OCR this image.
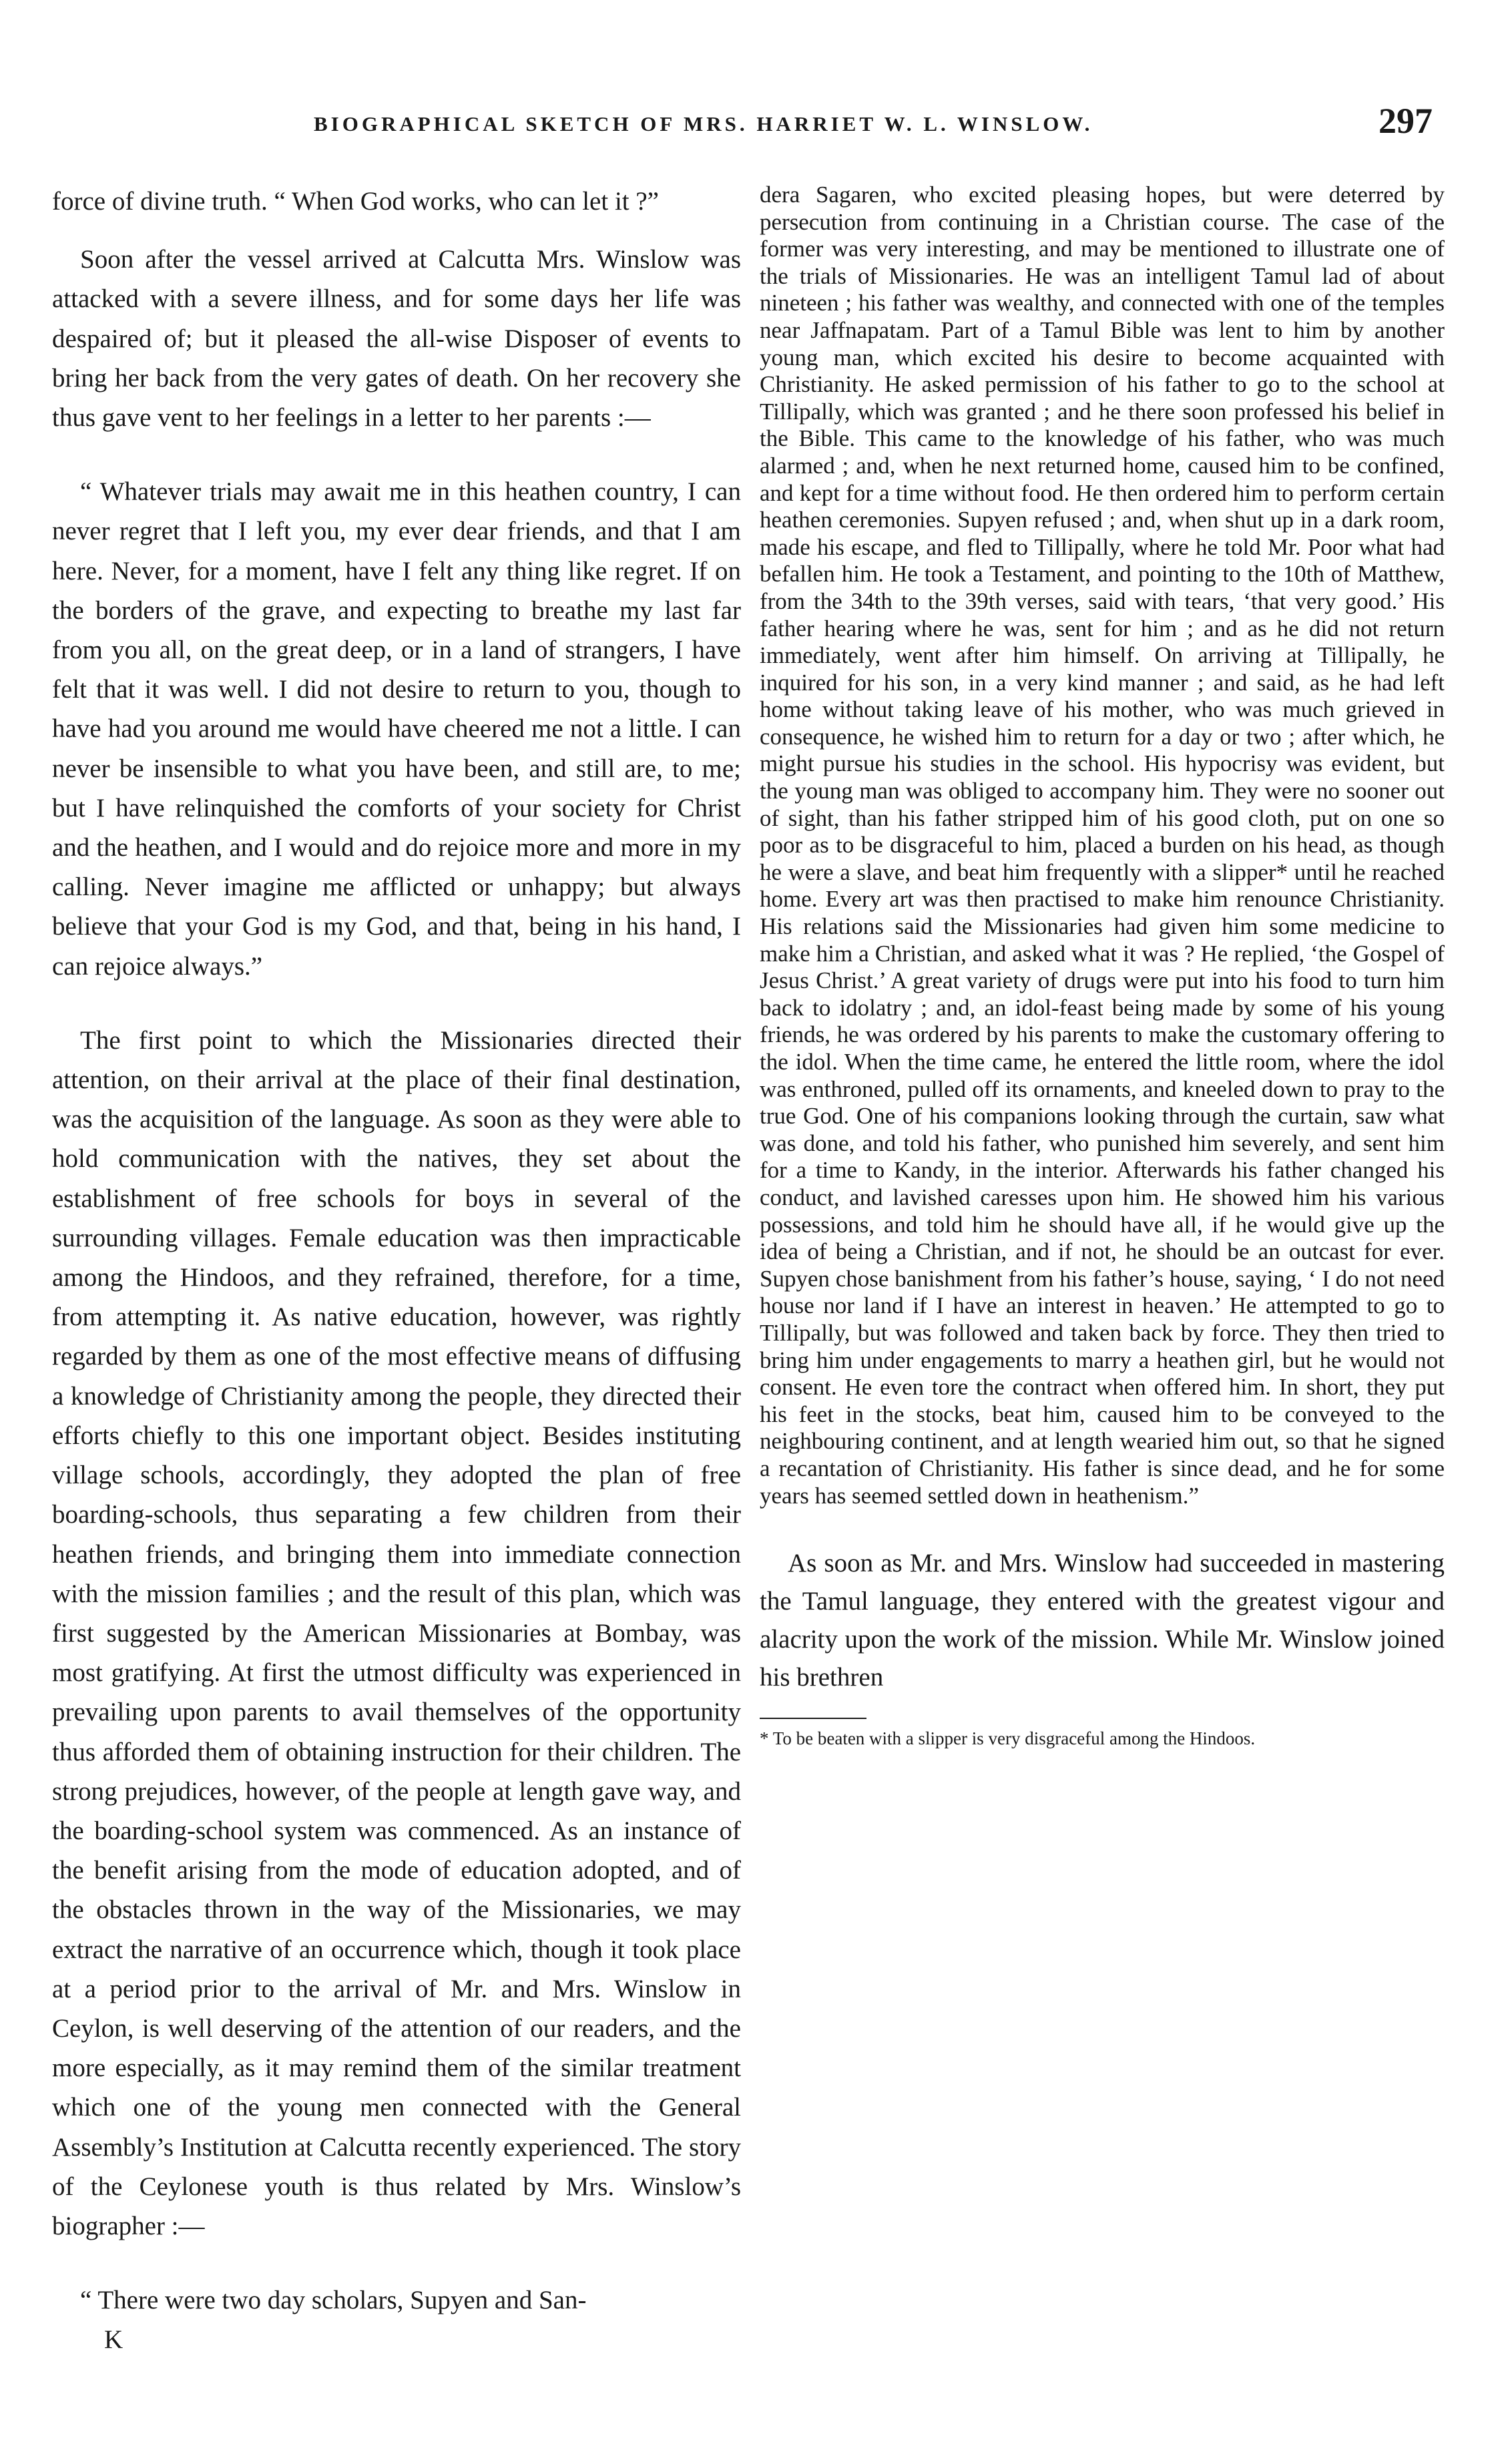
BIOGRAPHICAL SKETCH OF MRS. HARRIET W. L. WINSLOW.	297

force of divine truth. “ When God works, who can let it ?”

Soon after the vessel arrived at Calcutta Mrs. Winslow was attacked with a severe illness, and for some days her life was despaired of; but it pleased the all-wise Disposer of events to bring her back from the very gates of death. On her recovery she thus gave vent to her feelings in a letter to her parents :—

“ Whatever trials may await me in this heathen country, I can never regret that I left you, my ever dear friends, and that I am here. Never, for a moment, have I felt any thing like regret. If on the borders of the grave, and expecting to breathe my last far from you all, on the great deep, or in a land of strangers, I have felt that it was well. I did not desire to return to you, though to have had you around me would have cheered me not a little. I can never be insensible to what you have been, and still are, to me; but I have relinquished the comforts of your society for Christ and the heathen, and I would and do rejoice more and more in my calling. Never imagine me afflicted or unhappy; but always believe that your God is my God, and that, being in his hand, I can rejoice always.”

The first point to which the Missionaries directed their attention, on their arrival at the place of their final destination, was the acquisition of the language. As soon as they were able to hold communication with the natives, they set about the establishment of free schools for boys in several of the surrounding villages. Female education was then impracticable among the Hindoos, and they refrained, therefore, for a time, from attempting it. As native education, however, was rightly regarded by them as one of the most effective means of diffusing a knowledge of Christianity among the people, they directed their efforts chiefly to this one important object. Besides instituting village schools, accordingly, they adopted the plan of free boarding-schools, thus separating a few children from their heathen friends, and bringing them into immediate connection with the mission families ; and the result of this plan, which was first suggested by the American Missionaries at Bombay, was most gratifying. At first the utmost difficulty was experienced in prevailing upon parents to avail themselves of the opportunity thus afforded them of obtaining instruction for their children. The strong prejudices, however, of the people at length gave way, and the boarding-school system was commenced. As an instance of the benefit arising from the mode of education adopted, and of the obstacles thrown in the way of the Missionaries, we may extract the narrative of an occurrence which, though it took place at a period prior to the arrival of Mr. and Mrs. Winslow in Ceylon, is well deserving of the attention of our readers, and the more especially, as it may remind them of the similar treatment which one of the young men connected with the General Assembly’s Institution at Calcutta recently experienced. The story of the Ceylonese youth is thus related by Mrs. Winslow’s biographer :—

“ There were two day scholars, Supyen and San-

K

dera Sagaren, who excited pleasing hopes, but were deterred by persecution from continuing in a Christian course. The case of the former was very interesting, and may be mentioned to illustrate one of the trials of Missionaries. He was an intelligent Tamul lad of about nineteen ; his father was wealthy, and connected with one of the temples near Jaffnapatam. Part of a Tamul Bible was lent to him by another young man, which excited his desire to become acquainted with Christianity. He asked permission of his father to go to the school at Tillipally, which was granted ; and he there soon professed his belief in the Bible. This came to the knowledge of his father, who was much alarmed ; and, when he next returned home, caused him to be confined, and kept for a time without food. He then ordered him to perform certain heathen ceremonies. Supyen refused ; and, when shut up in a dark room, made his escape, and fled to Tillipally, where he told Mr. Poor what had befallen him. He took a Testament, and pointing to the 10th of Matthew, from the 34th to the 39th verses, said with tears, ‘that very good.’ His father hearing where he was, sent for him ; and as he did not return immediately, went after him himself. On arriving at Tillipally, he inquired for his son, in a very kind manner ; and said, as he had left home without taking leave of his mother, who was much grieved in consequence, he wished him to return for a day or two ; after which, he might pursue his studies in the school. His hypocrisy was evident, but the young man was obliged to accompany him. They were no sooner out of sight, than his father stripped him of his good cloth, put on one so poor as to be disgraceful to him, placed a burden on his head, as though he were a slave, and beat him frequently with a slipper* until he reached home. Every art was then practised to make him renounce Christianity. His relations said the Missionaries had given him some medicine to make him a Christian, and asked what it was ? He replied, ‘the Gospel of Jesus Christ.’ A great variety of drugs were put into his food to turn him back to idolatry ; and, an idol-feast being made by some of his young friends, he was ordered by his parents to make the customary offering to the idol. When the time came, he entered the little room, where the idol was enthroned, pulled off its ornaments, and kneeled down to pray to the true God. One of his companions looking through the curtain, saw what was done, and told his father, who punished him severely, and sent him for a time to Kandy, in the interior. Afterwards his father changed his conduct, and lavished caresses upon him. He showed him his various possessions, and told him he should have all, if he would give up the idea of being a Christian, and if not, he should be an outcast for ever. Supyen chose banishment from his father’s house, saying, ‘ I do not need house nor land if I have an interest in heaven.’ He attempted to go to Tillipally, but was followed and taken back by force. They then tried to bring him under engagements to marry a heathen girl, but he would not consent. He even tore the contract when offered him. In short, they put his feet in the stocks, beat him, caused him to be conveyed to the neighbouring continent, and at length wearied him out, so that he signed a recantation of Christianity. His father is since dead, and he for some years has seemed settled down in heathenism.”

As soon as Mr. and Mrs. Winslow had succeeded in mastering the Tamul language, they entered with the greatest vigour and alacrity upon the work of the mission. While Mr. Winslow joined his brethren

* To be beaten with a slipper is very disgraceful among the Hindoos.
